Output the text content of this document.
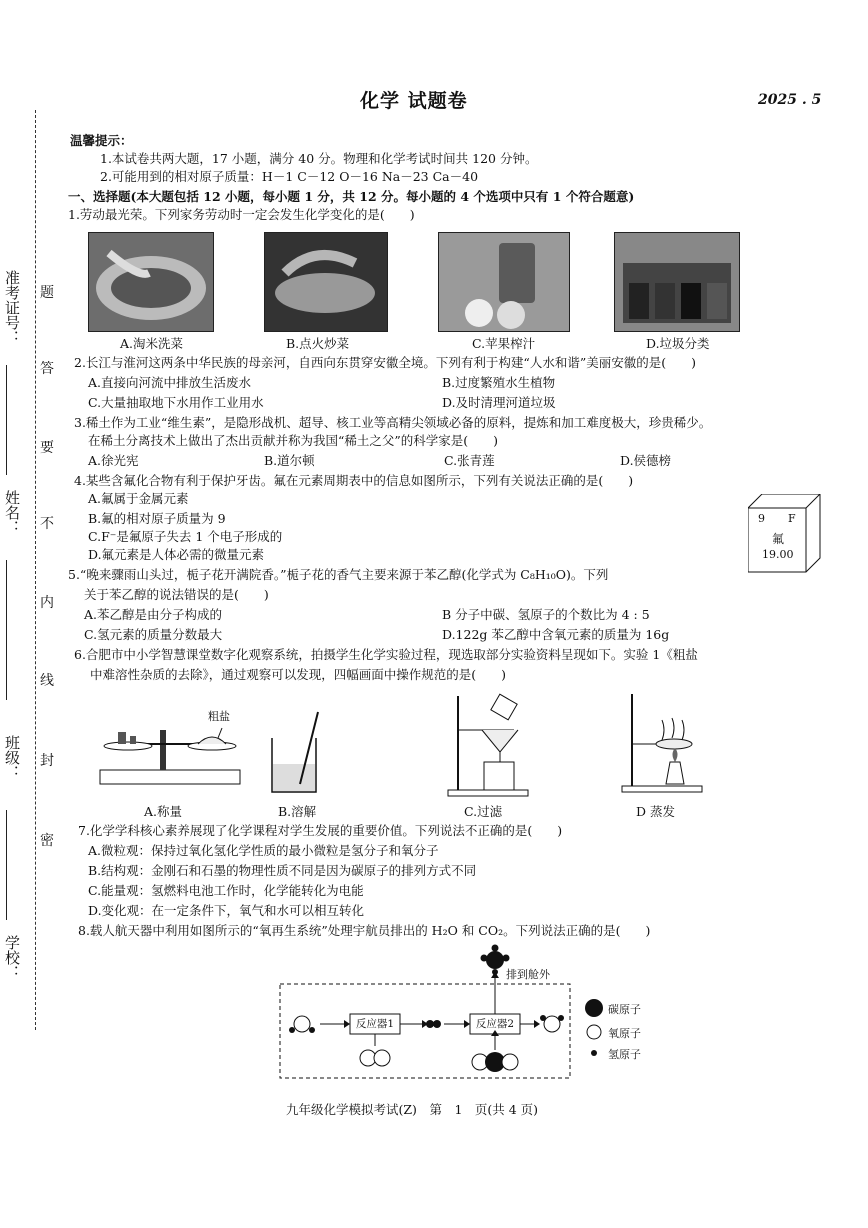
准考证号：
姓名：
班级：
学校：
题
答
要
不
内
线
封
密
化学 试题卷	2025 . 5
温馨提示：
1.本试卷共两大题，17 小题，满分 40 分。物理和化学考试时间共 120 分钟。
2.可能用到的相对原子质量：H－1 C－12 O－16 Na－23 Ca－40
一、选择题(本大题包括 12 小题，每小题 1 分，共 12 分。每小题的 4 个选项中只有 1 个符合题意)
1.劳动最光荣。下列家务劳动时一定会发生化学变化的是(　　)
A.淘米洗菜	B.点火炒菜	C.苹果榨汁	D.垃圾分类
2.长江与淮河这两条中华民族的母亲河，自西向东贯穿安徽全境。下列有利于构建“人水和谐”美丽安徽的是(　　)
A.直接向河流中排放生活废水	B.过度繁殖水生植物
C.大量抽取地下水用作工业用水	D.及时清理河道垃圾
3.稀土作为工业“维生素”，是隐形战机、超导、核工业等高精尖领域必备的原料，提炼和加工难度极大，珍贵稀少。
在稀土分离技术上做出了杰出贡献并称为我国“稀土之父”的科学家是(　　)
A.徐光宪	B.道尔顿	C.张青莲	D.侯德榜
4.某些含氟化合物有利于保护牙齿。氟在元素周期表中的信息如图所示，下列有关说法正确的是(　　)
A.氟属于金属元素
B.氟的相对原子质量为 9
C.F⁻是氟原子失去 1 个电子形成的
D.氟元素是人体必需的微量元素
9 F
氟
19.00
5.“晚来骤雨山头过，栀子花开满院香。”栀子花的香气主要来源于苯乙醇(化学式为 C₈H₁₀O)。下列
关于苯乙醇的说法错误的是(　　)
A.苯乙醇是由分子构成的	B 分子中碳、氢原子的个数比为 4 : 5
C.氢元素的质量分数最大	D.122g 苯乙醇中含氧元素的质量为 16g
6.合肥市中小学智慧课堂数字化观察系统，拍摄学生化学实验过程，现选取部分实验资料呈现如下。实验 1《粗盐
中难溶性杂质的去除》，通过观察可以发现，四幅画面中操作规范的是(　　)
粗盐
A.称量	B.溶解	C.过滤	D 蒸发
7.化学学科核心素养展现了化学课程对学生发展的重要价值。下列说法不正确的是(　　)
A.微粒观：保持过氧化氢化学性质的最小微粒是氢分子和氧分子
B.结构观：金刚石和石墨的物理性质不同是因为碳原子的排列方式不同
C.能量观：氢燃料电池工作时，化学能转化为电能
D.变化观：在一定条件下，氧气和水可以相互转化
8.载人航天器中利用如图所示的“氧再生系统”处理宇航员排出的 H₂O 和 CO₂。下列说法正确的是(　　)
反应器1	反应器2
排到舱外
碳原子
氧原子
氢原子
九年级化学模拟考试(Z)　第　1　页(共 4 页)
